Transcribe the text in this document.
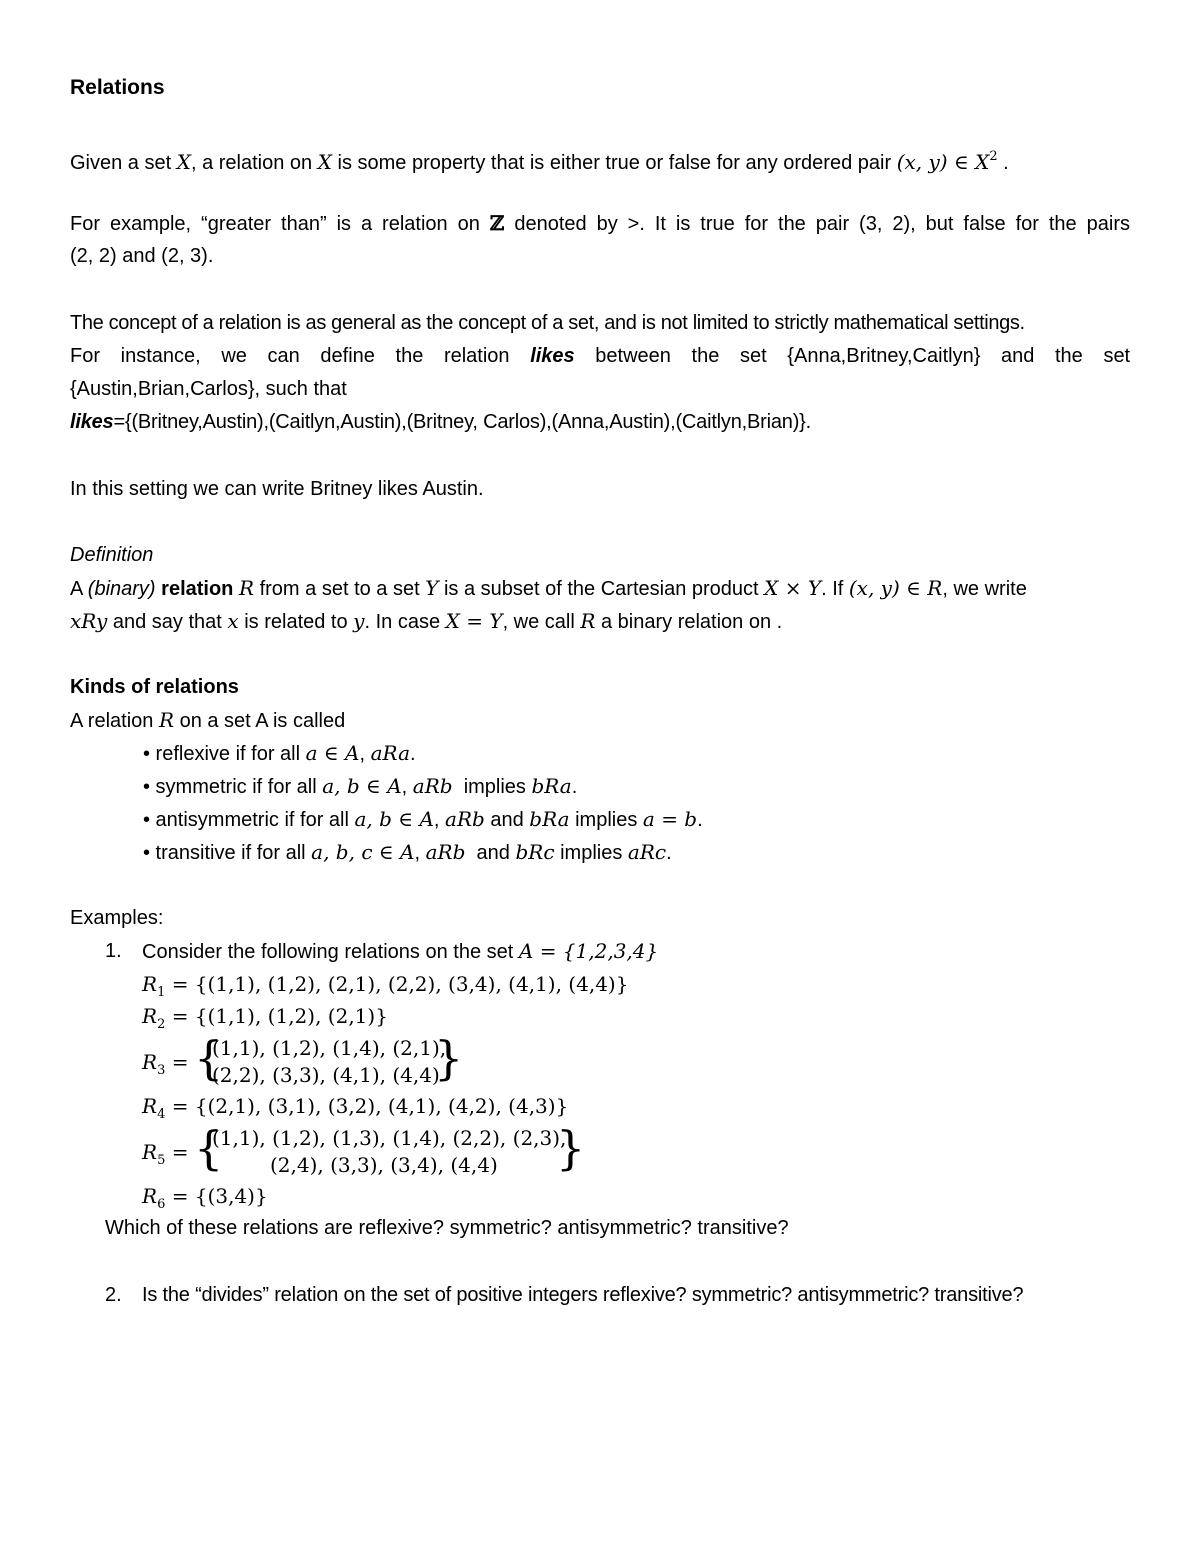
Relations
Given a set X, a relation on X is some property that is either true or false for any ordered pair (x, y) ∈ $X^2$ .
For example, “greater than” is a relation on ℤ denoted by >. It is true for the pair (3, 2), but false for the pairs
(2, 2) and (2, 3).
The concept of a relation is as general as the concept of a set, and is not limited to strictly mathematical settings.
For instance, we can define the relation likes between the set {Anna,Britney,Caitlyn} and the set
{Austin,Brian,Carlos}, such that
likes={(Britney,Austin),(Caitlyn,Austin),(Britney, Carlos),(Anna,Austin),(Caitlyn,Brian)}.
In this setting we can write Britney likes Austin.
Definition
A (binary) relation R from a set to a set Y is a subset of the Cartesian product X × Y. If (x, y) ∈ R, we write
xRy and say that x is related to y. In case X = Y, we call R a binary relation on .
Kinds of relations
A relation R on a set A is called
• reflexive if for all a ∈ A, aRa.
• symmetric if for all a, b ∈ A, aRb  implies bRa.
• antisymmetric if for all a, b ∈ A, aRb and bRa implies a = b.
• transitive if for all a, b, c ∈ A, aRb  and bRc implies aRc.
Examples:
1. Consider the following relations on the set A = {1,2,3,4}
$R_1 = \{(1,1)$, (1,2), (2,1), (2,2), (3,4), (4,1), (4,4)}
$R_2 = \{(1,1)$, (1,2), (2,1)}
$R_3$ = {
(1,1), (1,2), (1,4), (2,1),
(2,2), (3,3), (4,1), (4,4)
}
$R_4 = \{(2,1)$, (3,1), (3,2), (4,1), (4,2), (4,3)}
$R_5$ = {
(1,1), (1,2), (1,3), (1,4), (2,2), (2,3),
(2,4), (3,3), (3,4), (4,4) }
$R_6 = \{(3,4)\}$
Which of these relations are reflexive? symmetric? antisymmetric? transitive?
2. Is the “divides” relation on the set of positive integers reflexive? symmetric? antisymmetric? transitive?
